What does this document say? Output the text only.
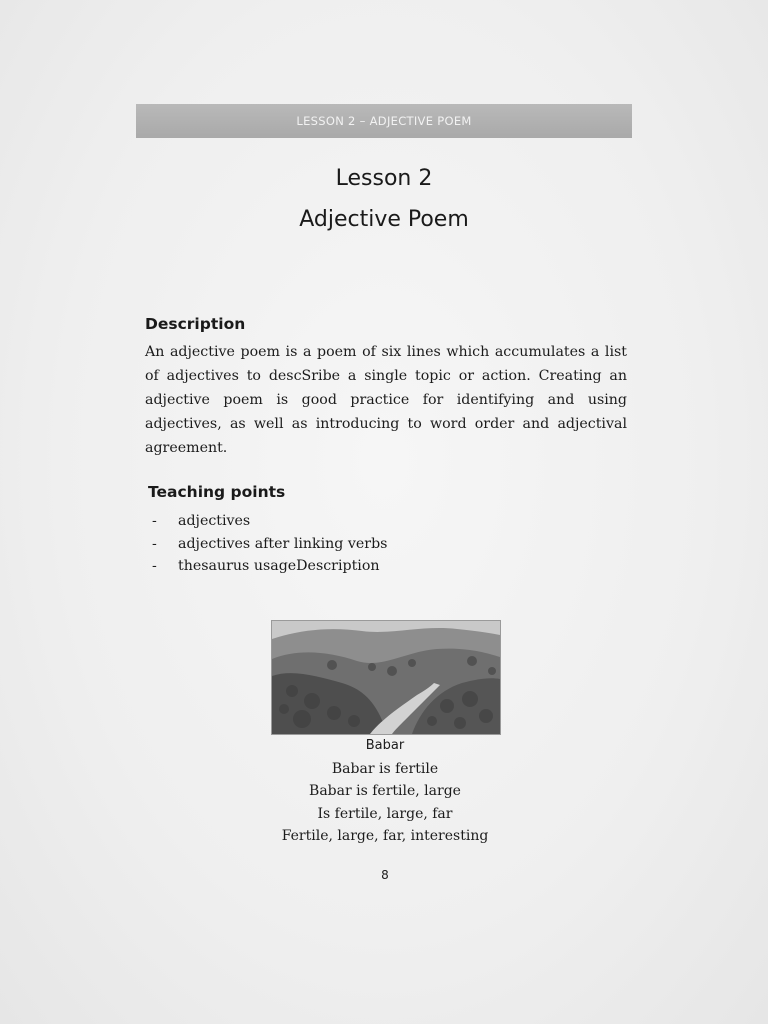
LESSON 2 – ADJECTIVE POEM
Lesson 2
Adjective Poem
Description
An adjective poem is a poem of six lines which accumulates a list
of adjectives to descSribe a single topic or action. Creating an
adjective poem is good practice for identifying and using
adjectives, as well as introducing to word order and adjectival
agreement.
Teaching points
- adjectives
- adjectives after linking verbs
- thesaurus usageDescription
Babar
Babar is fertile
Babar is fertile, large
Is fertile, large, far
Fertile, large, far, interesting
8
